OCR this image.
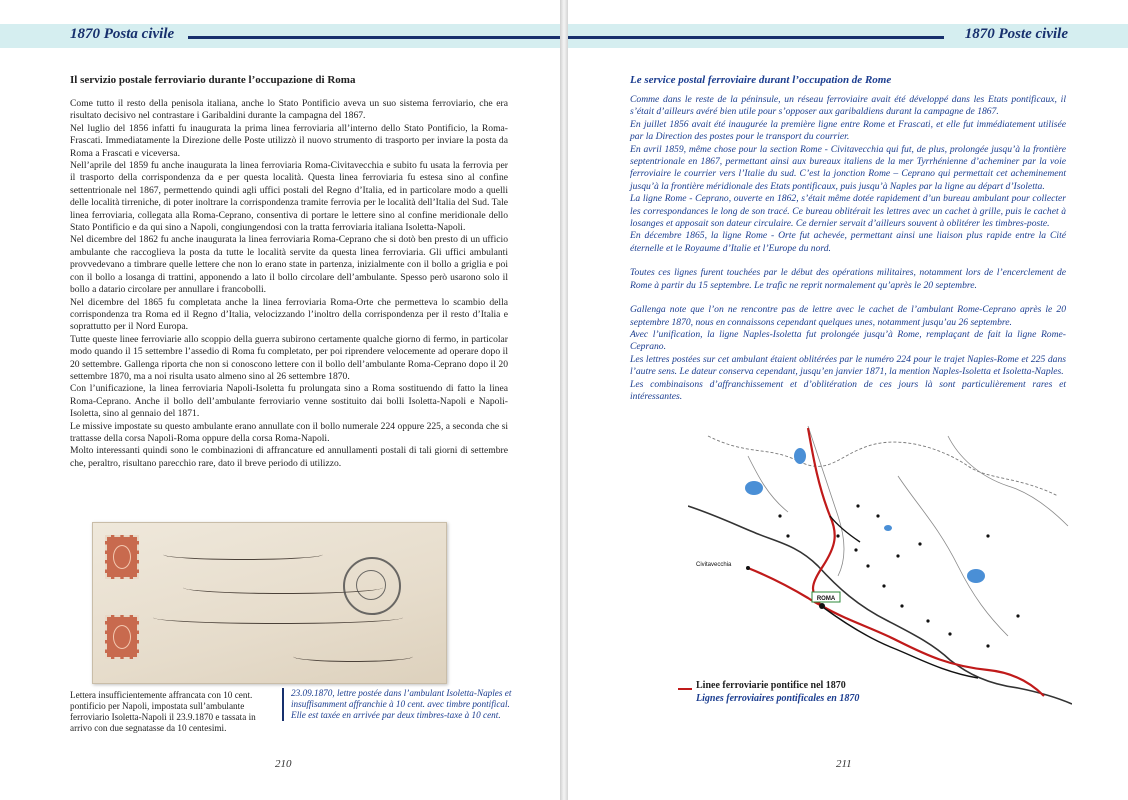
1870 Posta civile
Il servizio postale ferroviario durante l’occupazione di Roma

Come tutto il resto della penisola italiana, anche lo Stato Pontificio aveva un suo sistema ferroviario, che era risultato decisivo nel contrastare i Garibaldini durante la campagna del 1867.

Nel luglio del 1856 infatti fu inaugurata la prima linea ferroviaria all’interno dello Stato Pontificio, la Roma-Frascati. Immediatamente la Direzione delle Poste utilizzò il nuovo strumento di trasporto per inviare la posta da Roma a Frascati e viceversa.

Nell’aprile del 1859 fu anche inaugurata la linea ferroviaria Roma-Civitavecchia e subito fu usata la ferrovia per il trasporto della corrispondenza da e per questa località. Questa linea ferroviaria fu estesa sino al confine settentrionale nel 1867, permettendo quindi agli uffici postali del Regno d’Italia, ed in particolare modo a quelli delle località tirreniche, di poter inoltrare la corrispondenza tramite ferrovia per le località dell’Italia del Sud. Tale linea ferroviaria, collegata alla Roma-Ceprano, consentiva di portare le lettere sino al confine meridionale dello Stato Pontificio e da qui sino a Napoli, congiungendosi con la tratta ferroviaria italiana Isoletta-Napoli.

Nel dicembre del 1862 fu anche inaugurata la linea ferroviaria Roma-Ceprano che si dotò ben presto di un ufficio ambulante che raccoglieva la posta da tutte le località servite da questa linea ferroviaria. Gli uffici ambulanti provvedevano a timbrare quelle lettere che non lo erano state in partenza, inizialmente con il bollo a griglia e poi con il bollo a losanga di trattini, apponendo a lato il bollo circolare dell’ambulante. Spesso però usarono solo il bollo a datario circolare per annullare i francobolli.

Nel dicembre del 1865 fu completata anche la linea ferroviaria Roma-Orte che permetteva lo scambio della corrispondenza tra Roma ed il Regno d’Italia, velocizzando l’inoltro della corrispondenza per il resto d’Italia e soprattutto per il Nord Europa.

Tutte queste linee ferroviarie allo scoppio della guerra subirono certamente qualche giorno di fermo, in particolar modo quando il 15 settembre l’assedio di Roma fu completato, per poi riprendere velocemente ad operare dopo il 20 settembre. Gallenga riporta che non si conoscono lettere con il bollo dell’ambulante Roma-Ceprano dopo il 20 settembre 1870, ma a noi risulta usato almeno sino al 26 settembre 1870.

Con l’unificazione, la linea ferroviaria Napoli-Isoletta fu prolungata sino a Roma sostituendo di fatto la linea Roma-Ceprano. Anche il bollo dell’ambulante ferroviario venne sostituito dai bolli Isoletta-Napoli e Napoli-Isoletta, sino al gennaio del 1871.

Le missive impostate su questo ambulante erano annullate con il bollo numerale 224 oppure 225, a seconda che si trattasse della corsa Napoli-Roma oppure della corsa Roma-Napoli.

Molto interessanti quindi sono le combinazioni di affrancature ed annullamenti postali di tali giorni di settembre che, peraltro, risultano parecchio rare, dato il breve periodo di utilizzo.

Lettera insufficientemente affrancata con 10 cent. pontificio per Napoli, impostata sull’ambulante ferroviario Isoletta-Napoli il 23.9.1870 e tassata in arrivo con due segnatasse da 10 centesimi.
23.09.1870, lettre postée dans l’ambulant Isoletta-Naples et insuffisamment affranchie à 10 cent. avec timbre pontifical. Elle est taxée en arrivée par deux timbres-taxe à 10 cent.
210
1870 Poste civile
Le service postal ferroviaire durant l’occupation de Rome

Comme dans le reste de la péninsule, un réseau ferroviaire avait été développé dans les Etats pontificaux, il s’était d’ailleurs avéré bien utile pour s’opposer aux garibaldiens durant la campagne de 1867.

En juillet 1856 avait été inaugurée la première ligne entre Rome et Frascati, et elle fut immédiatement utilisée par la Direction des postes pour le transport du courrier.

En avril 1859, même chose pour la section Rome - Civitavecchia qui fut, de plus, prolongée jusqu’à la frontière septentrionale en 1867, permettant ainsi aux bureaux italiens de la mer Tyrrhénienne d’acheminer par la voie ferroviaire le courrier vers l’Italie du sud. C’est la jonction Rome – Ceprano qui permettait cet acheminement jusqu’à la frontière méridionale des Etats pontificaux, puis jusqu’à Naples par la ligne au départ d’Isoletta.

La ligne Rome - Ceprano, ouverte en 1862, s’était même dotée rapidement d’un bureau ambulant pour collecter les correspondances le long de son tracé. Ce bureau oblitérait les lettres avec un cachet à grille, puis le cachet à losanges et apposait son dateur circulaire. Ce dernier servait d’ailleurs souvent à oblitérer les timbres-poste.

En décembre 1865, la ligne Rome - Orte fut achevée, permettant ainsi une liaison plus rapide entre la Cité éternelle et le Royaume d’Italie et l’Europe du nord.

Toutes ces lignes furent touchées par le début des opérations militaires, notamment lors de l’encerclement de Rome à partir du 15 septembre. Le trafic ne reprit normalement qu’après le 20 septembre.

Gallenga note que l’on ne rencontre pas de lettre avec le cachet de l’ambulant Rome-Ceprano après le 20 septembre 1870, nous en connaissons cependant quelques unes, notamment jusqu’au 26 septembre.

Avec l’unification, la ligne Naples-Isoletta fut prolongée jusqu’à Rome, remplaçant de fait la ligne Rome-Ceprano.

Les lettres postées sur cet ambulant étaient oblitérées par le numéro 224 pour le trajet Naples-Rome et 225 dans l’autre sens. Le dateur conserva cependant, jusqu’en janvier 1871, la mention Naples-Isoletta et Isoletta-Naples.

Les combinaisons d’affranchissement et d’oblitération de ces jours là sont particulièrement rares et intéressantes.

ROMA
Civitavecchia
Linee ferroviarie pontifice nel 1870
Lignes ferroviaires pontificales en 1870
211
